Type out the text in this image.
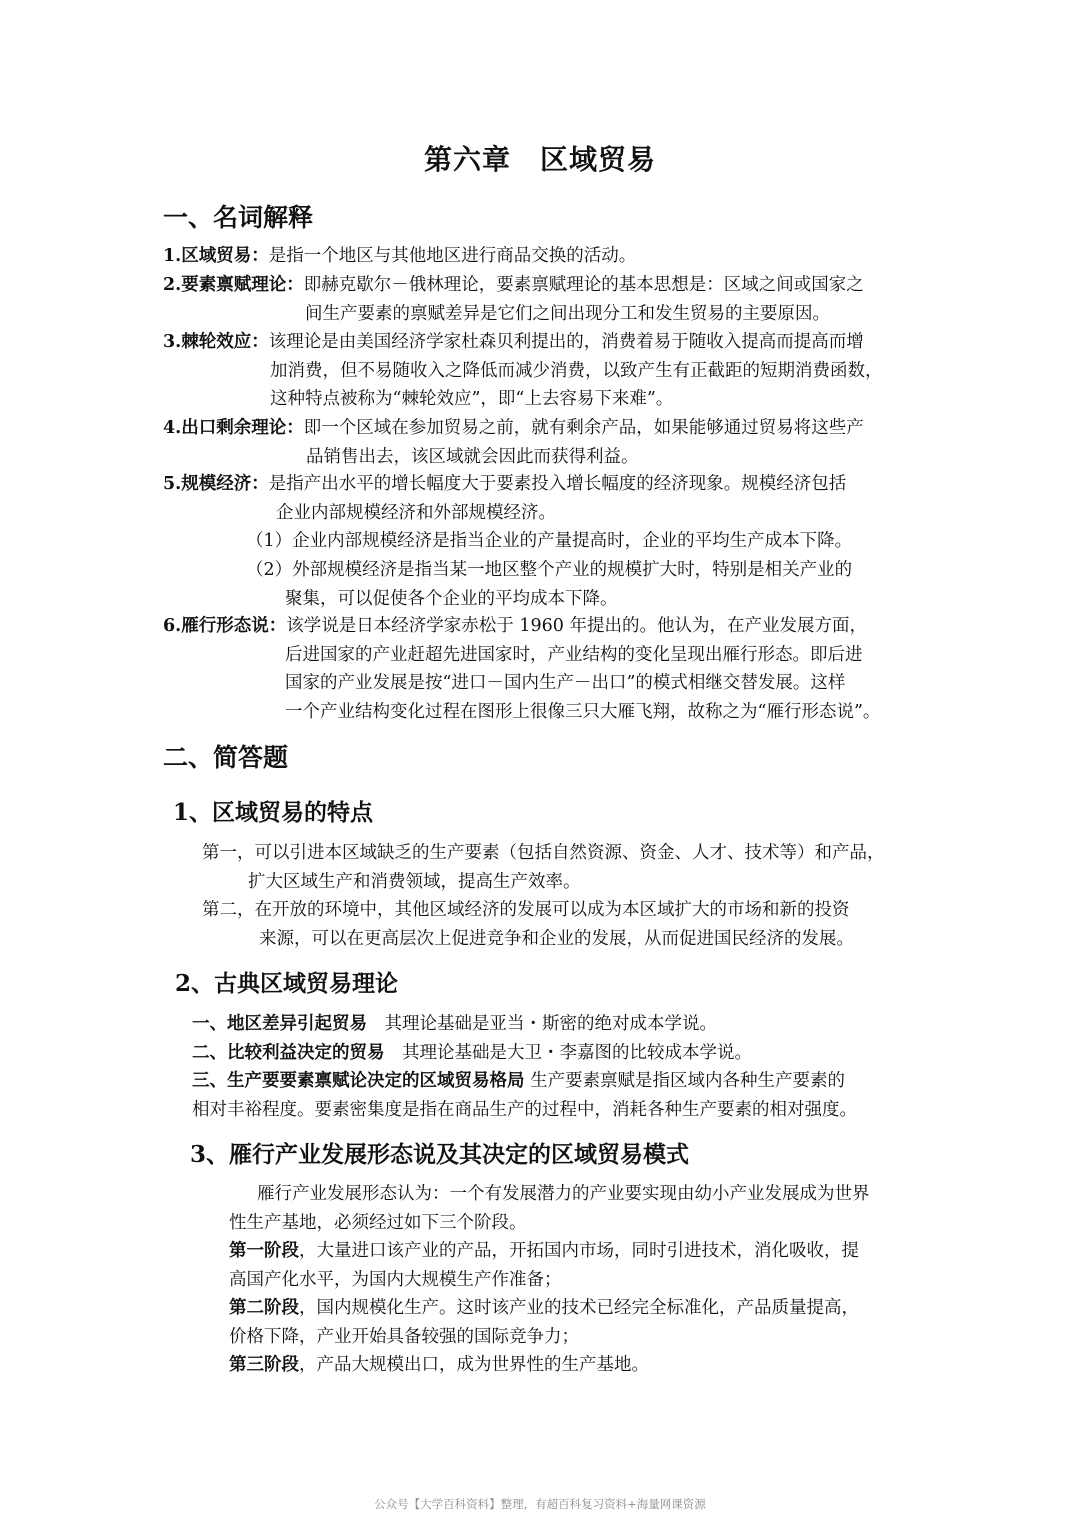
第六章　区域贸易
一、名词解释
1.区域贸易：是指一个地区与其他地区进行商品交换的活动。
2.要素禀赋理论：即赫克歇尔－俄林理论，要素禀赋理论的基本思想是：区域之间或国家之
间生产要素的禀赋差异是它们之间出现分工和发生贸易的主要原因。
3.棘轮效应：该理论是由美国经济学家杜森贝利提出的，消费着易于随收入提高而提高而增
加消费，但不易随收入之降低而减少消费，以致产生有正截距的短期消费函数，
这种特点被称为“棘轮效应”，即“上去容易下来难”。
4.出口剩余理论：即一个区域在参加贸易之前，就有剩余产品，如果能够通过贸易将这些产
品销售出去，该区域就会因此而获得利益。
5.规模经济：是指产出水平的增长幅度大于要素投入增长幅度的经济现象。规模经济包括
企业内部规模经济和外部规模经济。
（1）企业内部规模经济是指当企业的产量提高时，企业的平均生产成本下降。
（2）外部规模经济是指当某一地区整个产业的规模扩大时，特别是相关产业的
聚集，可以促使各个企业的平均成本下降。
6.雁行形态说：该学说是日本经济学家赤松于 1960 年提出的。他认为，在产业发展方面，
后进国家的产业赶超先进国家时，产业结构的变化呈现出雁行形态。即后进
国家的产业发展是按“进口－国内生产－出口”的模式相继交替发展。这样
一个产业结构变化过程在图形上很像三只大雁飞翔，故称之为“雁行形态说”。
二、简答题
1、区域贸易的特点
第一，可以引进本区域缺乏的生产要素（包括自然资源、资金、人才、技术等）和产品，
扩大区域生产和消费领域，提高生产效率。
第二，在开放的环境中，其他区域经济的发展可以成为本区域扩大的市场和新的投资
来源，可以在更高层次上促进竞争和企业的发展，从而促进国民经济的发展。
2、古典区域贸易理论
一、地区差异引起贸易　其理论基础是亚当・斯密的绝对成本学说。
二、比较利益决定的贸易　其理论基础是大卫・李嘉图的比较成本学说。
三、生产要要素禀赋论决定的区域贸易格局 生产要素禀赋是指区域内各种生产要素的
相对丰裕程度。要素密集度是指在商品生产的过程中，消耗各种生产要素的相对强度。
3、雁行产业发展形态说及其决定的区域贸易模式
雁行产业发展形态认为：一个有发展潜力的产业要实现由幼小产业发展成为世界
性生产基地，必须经过如下三个阶段。
第一阶段，大量进口该产业的产品，开拓国内市场，同时引进技术，消化吸收，提
高国产化水平，为国内大规模生产作准备；
第二阶段，国内规模化生产。这时该产业的技术已经完全标准化，产品质量提高，
价格下降，产业开始具备较强的国际竞争力；
第三阶段，产品大规模出口，成为世界性的生产基地。
公众号【大学百科资料】整理，有超百科复习资料+海量网课资源
